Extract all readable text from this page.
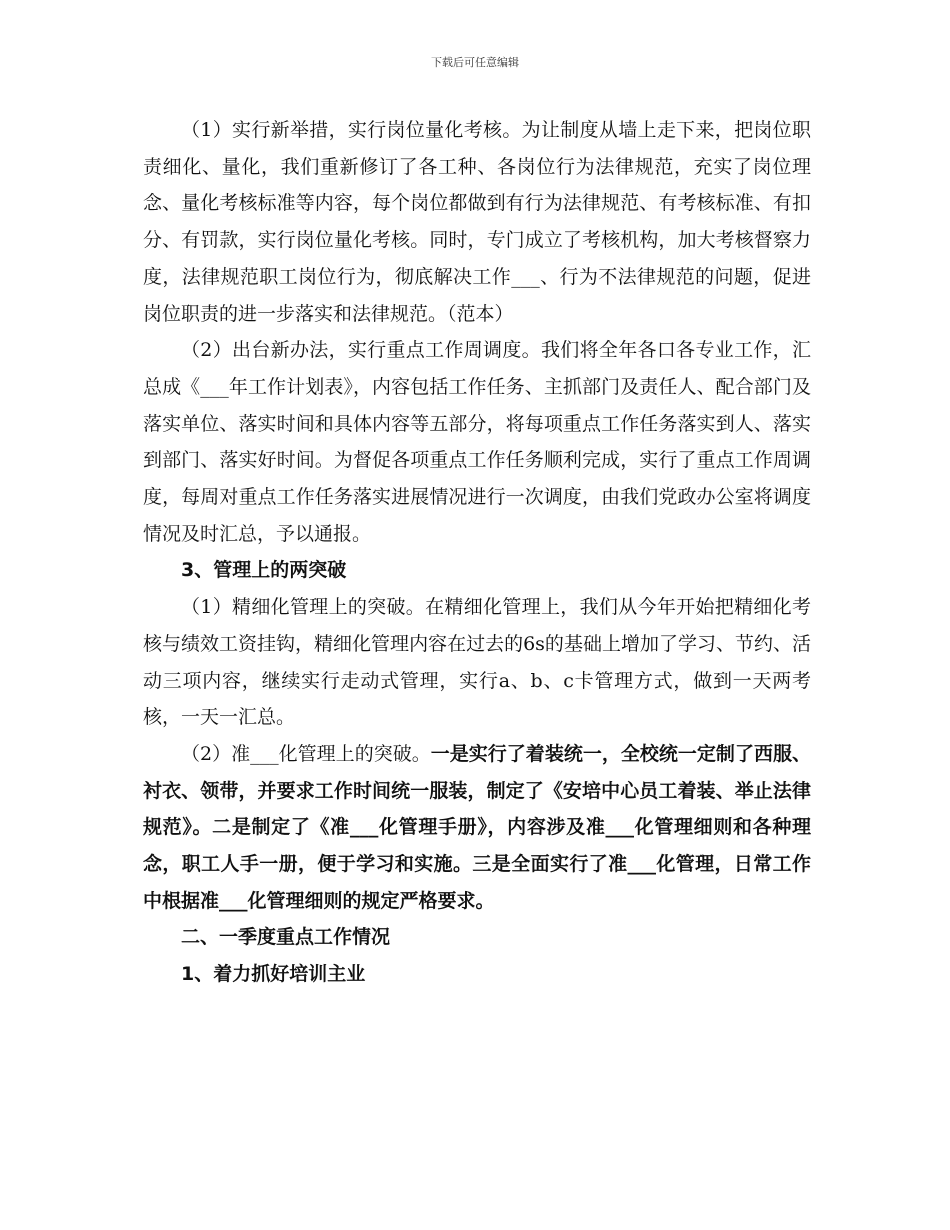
下载后可任意编辑

（1）实行新举措，实行岗位量化考核。为让制度从墙上走下来，把岗位职责细化、量化，我们重新修订了各工种、各岗位行为法律规范，充实了岗位理念、量化考核标准等内容，每个岗位都做到有行为法律规范、有考核标准、有扣分、有罚款，实行岗位量化考核。同时，专门成立了考核机构，加大考核督察力度，法律规范职工岗位行为，彻底解决工作___、行为不法律规范的问题，促进岗位职责的进一步落实和法律规范。（范本）

（2）出台新办法，实行重点工作周调度。我们将全年各口各专业工作，汇总成《___年工作计划表》，内容包括工作任务、主抓部门及责任人、配合部门及落实单位、落实时间和具体内容等五部分，将每项重点工作任务落实到人、落实到部门、落实好时间。为督促各项重点工作任务顺利完成，实行了重点工作周调度，每周对重点工作任务落实进展情况进行一次调度，由我们党政办公室将调度情况及时汇总，予以通报。

3、管理上的两突破

（1）精细化管理上的突破。在精细化管理上，我们从今年开始把精细化考核与绩效工资挂钩，精细化管理内容在过去的6s的基础上增加了学习、节约、活动三项内容，继续实行走动式管理，实行a、b、c卡管理方式，做到一天两考核，一天一汇总。

（2）准___化管理上的突破。一是实行了着装统一，全校统一定制了西服、衬衣、领带，并要求工作时间统一服装，制定了《安培中心员工着装、举止法律规范》。二是制定了《准___化管理手册》，内容涉及准___化管理细则和各种理念，职工人手一册，便于学习和实施。三是全面实行了准___化管理，日常工作中根据准___化管理细则的规定严格要求。

二、一季度重点工作情况

1、着力抓好培训主业
